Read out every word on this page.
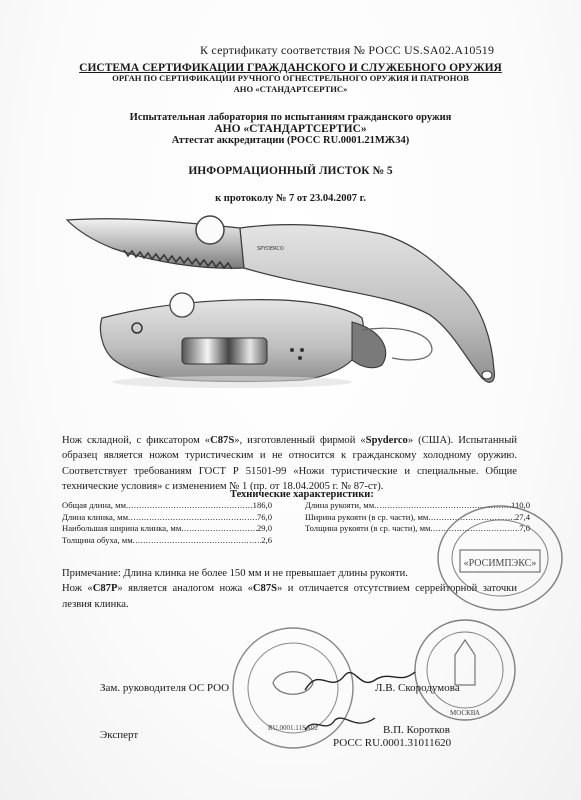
К сертификату соответствия № РОСС US.SA02.A10519
СИСТЕМА СЕРТИФИКАЦИИ ГРАЖДАНСКОГО И СЛУЖЕБНОГО ОРУЖИЯ
ОРГАН ПО СЕРТИФИКАЦИИ РУЧНОГО ОГНЕСТРЕЛЬНОГО ОРУЖИЯ И ПАТРОНОВ
АНО «СТАНДАРТСЕРТИС»
Испытательная лаборатория по испытаниям гражданского оружия
АНО «СТАНДАРТСЕРТИС»
Аттестат аккредитации (РОСС RU.0001.21МЖ34)
ИНФОРМАЦИОННЫЙ ЛИСТОК № 5
к протоколу № 7 от 23.04.2007 г.
SPYDERCO

Нож складной, с фиксатором «C87S», изготовленный фирмой «Spyderco» (США). Испытанный образец является ножом туристическим и не относится к гражданскому холодному оружию. Соответствует требованиям ГОСТ Р 51501-99 «Ножи туристические и специальные. Общие технические условия» с изменением № 1 (пр. от 18.04.2005 г. № 87-ст).

Технические характеристики:
Общая длина, мм .....	186,0
Длина клинка, мм .....	76,0
Наибольшая ширина клинка, мм .....	29,0
Толщина обуха, мм .....	2,6
Длина рукояти, мм .....	110,0
Ширина рукояти (в ср. части), мм .....	27,4
Толщина рукояти (в ср. части), мм .....	7,0

Примечание: Длина клинка не более 150 мм и не превышает длины рукояти.

Нож «C87P» является аналогом ножа «C87S» и отличается отсутствием серрейторной заточки лезвия клинка.

«РОСИМПЭКС»
МОСКВА
RU.0001.11SA02
Зам. руководителя ОС РОО	Л.В. Скородумова
Эксперт	В.П. Коротков
РОСС RU.0001.31011620
